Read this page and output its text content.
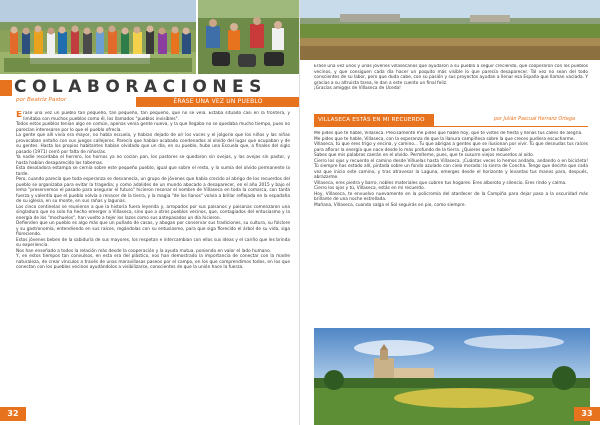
COLABORACIONES
por Beatriz Pastor	ÉRASE UNA VEZ UN PUEBLO

Érase una vez un pueblo tan pequeño, tan pequeño, tan pequeño, que no se veía. Estaba situado casi en la frontera, y limitaba con muchos pueblos como él, los llamados "pueblos invisibles".

Todos estos pueblos tenían algo en común, apenas venía gente nueva, y la que llegaba no se quedaba mucho tiempo, pues no parecían interesarse por lo que el pueblo ofrecía.

La gente que allí vivía era mayor, no había escuela, y habían dejado de oír los voces y el jolgorio que los niños y las niñas provocaban antaño con sus juegos callejeros. Parecía que habían acabado condenados al olvido del lugar que ocupaban y de su gentes. Hasta los propios habitantes habían olvidado que un día, en su pueblo, hubo una Escuela que, a finales del siglo pasado (1971) cerró por falta de niños/as.

Ya nadie recordaba el herrero, los hornos ya no cocían pan, los pastores se quedaron sin ovejas, y las ovejas sin pastor, y hasta habían desaparecido las tabernas.

Esta desoladora estampa se cernía sobre este pequeño pueblo, igual que sobre el resto, y lo sumía del olvido permanente la tarde.

Pero, cuando parecía que toda esperanza se desvanecía, un grupo de jóvenes que había crecido al abrigo de los recuerdos del pueblo se organizaba para evitar la tragedia; y como adalides de un mundo abocado a desaparecer, en el año 2015 y bajo el lema "preservemos el pasado para asegurar el futuro" hicieron resonar el nombre de Villaseca en toda la comarca, con tanta fuerza y valentía que el pueblo volvía a renacer de la tierra, y la magia "de los llanos" volvía a brillar reflejada en la espadaña de su iglesia, en su monte, en sus rañas y lagunas.

Los cinco centinelas se reunieron a que la historia fuera leyenda y, arropados por sus paisanos y paisanas comenzaron una singladura que no solo ha hecho emerger a Villaseca, sino que a otros pueblos vecinos, que, contagiados del entusiasmo y la energía de los "mochuelos", han vuelto a tejer los lazos como sus antepasados un día hicieron.

Defienden que un pueblo es algo más que un puñado de casas, y abogan por conservar sus tradiciones, su cultura, su folclore y su gastronomía, entendiendo en sus raíces, regándolas con su entusiasmo, para que siga florecido el árbol de su vida, siga floreciendo.

Estos jóvenes beben de la sabiduría de sus mayores, los respetan e intercambian con ellos sus ideas y el cariño que les brinda su experiencia.

Nos han enseñado a todos la relación más desde la cooperación y la ayuda mutua, poniendo en valor el lado humano.

Y, en estos tiempos tan convulsos, en esta era del plástico, nos han demostrado la importancia de conectar con la madre naturaleza, de crear vínculos a través de unas maravillosas paseos por el campo, en los que comprendimos todos, en los que conectan con los pueblos vecinos ayudándolos a visibilizarse, conscientes de que la unión hace la fuerza.

32

Érase una vez unos y unas jóvenes villasecanos que ayudaron a su pueblo a seguir creciendo, que cooperaron con los pueblos vecinos, y que consiguen cada día hacer un poquito más visible lo que parecía desaparecer. Tal vez no sean del todo conscientes de su labor, pero que duda cabe, con su pasión y sus proyectos ayudan a llenar esa España que llaman vaciada. Y gracias a su altruista tarea, le dan a este cuento un final feliz.

¡Gracias amig@s de Villaseca de Uceda!

VILLASECA ESTÁS EN MI RECUERDO	por Julián Pascual Herranz Ortega

Me pides que te hable, Villaseca. Precisamente me pides que hable hoy, que te vistes de fiesta y llenas tus calles de alegría.

Me pides que te hable, Villaseca, con la esperanza de que la llanura campiñesa sobre la que creces pudiera escucharme.

Villaseca, tú que eres trigo y encina, y camino... Tu que abrigas a gentes que se ilusionan por vivir. Tú que desnudas tus raíces para aflorar la energía que nace desde lo más profundo de la tierra. ¿Quieres que te hable?

Sabes que mis palabras caerán en el olvido. Permíteme, pues, que te susurre viejos recuerdos al oído.

Cierro los ojos y recuerdo el camino desde Viñuelas hasta Villaseca. ¡Cuántas veces lo hemos andado, andando o en bicicleta! Tú siempre has estado allí, pintada sobre un fondo azulado con cielo morado: la sierra de Concha. Tengo que decirte que cada vez que inicio este camino, y tras atravesar la Laguna, emerges desde el horizonte y levantas tus manos para, después, abrazarme.

Villaseca, eres piedra y barro, nobles materiales que cubren tus hogares. Eres alboroto y silencio. Eres rindo y calma.

Cierro los ojos y tú, Villaseca, estás en mi recuerdo.

Hoy, Villaseca, te envuelvo nuevamente en la policromía del atardecer de la Campiña para dejar paso a la oscuridad más brillante de una noche estrellada.

Mañana, Villaseca, cuando salga el Sol seguirás en pie, como siempre.

33
